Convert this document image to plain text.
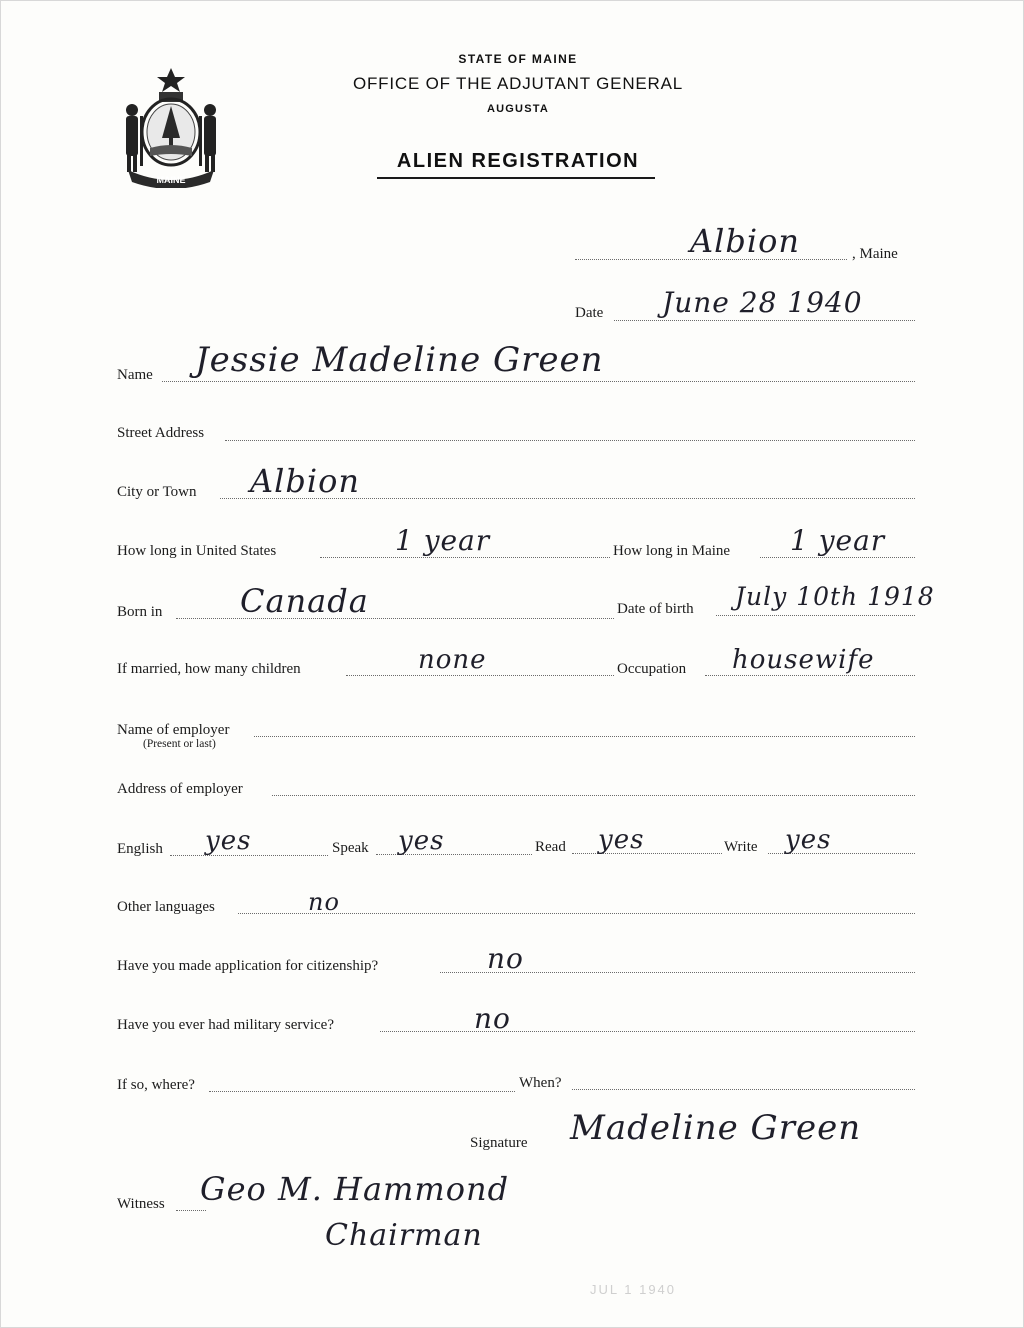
MAINE
STATE OF MAINE
OFFICE OF THE ADJUTANT GENERAL
AUGUSTA
ALIEN REGISTRATION
Albion	, Maine
Date June 28 1940
Name Jessie Madeline Green
Street Address
City or Town Albion
How long in United States	1 year	How long in Maine 1 year
Born in Canada	Date of birth July 10th 1918
If married, how many children	none	Occupation housewife
Name of employer
(Present or last)
Address of employer
English yes	Speak yes	Read yes	Write yes
Other languages	no
Have you made application for citizenship?	no
Have you ever had military service?	no
If so, where?	When?
Signature Madeline Green
Witness Geo M. Hammond
Chairman
JUL 1 1940
